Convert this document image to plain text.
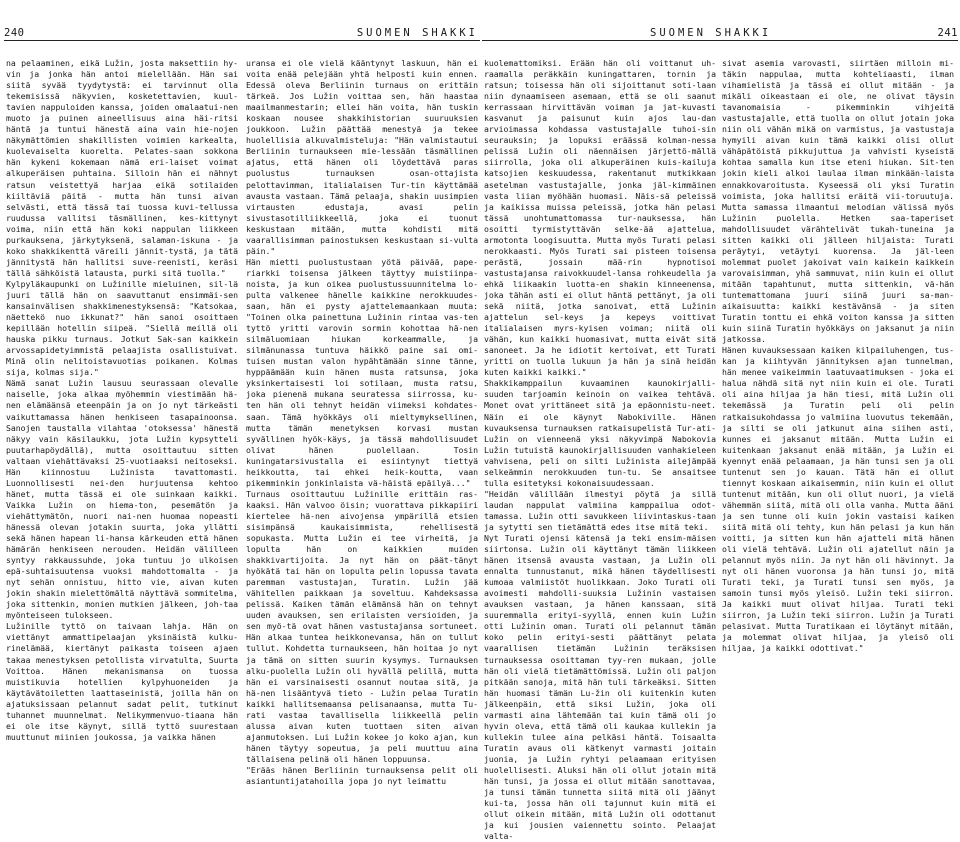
240	SUOMEN SHAKKI	SUOMEN SHAKKI	241

na pelaaminen, eikä Lužin, josta maksettiin hy-vin ja jonka hän antoi mielellään. Hän sai siitä syvää tyydytystä: ei tarvinnut olla tekemisissä näkyvien, kosketettavien, kuul-tavien nappuloiden kanssa, joiden omalaatui-nen muoto ja puinen aineellisuus aina häi-ritsi häntä ja tuntui hänestä aina vain hie-nojen näkymättömien shakillisten voimien karkealta, kuolevaiselta kuorelta. Pelates-saan sokkona hän kykeni kokemaan nämä eri-laiset voimat alkuperäisen puhtaina. Silloin hän ei nähnyt ratsun veistettyä harjaa eikä sotilaiden kiiltäviä päitä - mutta hän tunsi aivan selvästi, että tässä tai tuossa kuvi-tellussa ruudussa vallitsi täsmällinen, kes-kittynyt voima, niin että hän koki nappulan liikkeen purkauksena, järkytyksenä, salaman-iskuna - ja koko shakkikenttä väreili jännit-tystä, ja tätä jännitystä hän hallitsi suve-reenisti, keräsi tällä sähköistä latausta, purki sitä tuolla."

Kylpyläkaupunki on Lužinille mieluinen, sil-lä juuri tällä hän on saavuttanut ensimmäi-sen kansainvälisen shakkimenestyksensä: "Katsokaa, näettekö nuo ikkunat?" hän sanoi osoittaen kepillään hotellin siipeä. "Siellä meillä oli hauska pikku turnaus. Jotkut Sak-san kaikkein arvossapidetyimmistä pelaajista osallistuivat. Minä olin nelitoistavuotias poikanen. Kolmas sija, kolmas sija."

Nämä sanat Lužin lausuu seurassaan olevalle naiselle, joka alkaa myöhemmin viestimään hä-nen elämäänsä eteenpäin ja on jo nyt tärkeästi vaikuttamassa hänen henkiseen tasapainoonsa. Sanojen taustalla vilahtaa 'otoksessa' hänestä näkyy vain käsilaukku, jota Lužin kypsytteli puutarhapöydällä), mutta osoittautuu sitten valtaan viehättävaksi 25-vuotiaaksi neitoseksi. Hän kiinnostuu Lužinista tavattomasti. Luonnollisesti nei-den hurjuutensa kehtoo hänet, mutta tässä ei ole suinkaan kaikki. Vaikka Lužin on hiema-ton, pesemätön ja viehättymätön, nuori nai-nen huomaa nopeasti hänessä olevan jotakin suurta, joka yllätti sekä hänen hapean li-hansa kärkeuden että hänen hämärän henkiseen nerouden. Heidän välilleen syntyy rakkaussuhde, joka tuntuu jo ulkoisen epä-suhtaisuutensa vuoksi mahdottomalta - ja nyt sehän onnistuu, hitto vie, aivan kuten jokin shakin mielettömältä näyttävä sommitelma, joka sittenkin, monien mutkien jälkeen, joh-taa myönteiseen tulokseen.

Lužinille tyttö on taivaan lahja. Hän on viettänyt ammattipelaajan yksinäistä kulku-rinelämää, kiertänyt paikasta toiseen ajaen takaa menestyksen petollista virvatulta, Suurta Voittoa. Hänen mekanismansa on tuossa muistikuvia hotellien kylpyhuoneiden ja käytävätoiletten laattaseinistä, joilla hän on ajatuksissaan pelannut sadat pelit, tutkinut tuhannet muunnelmat. Nelikymmenvuo-tiaana hän ei ole itse käynyt, sillä tyttö suurestaan muuttunut miinien joukossa, ja vaikka hänen

uransa ei ole vielä kääntynyt laskuun, hän ei voita enää pelejään yhtä helposti kuin ennen. Edessä oleva Berliinin turnaus on erittäin tärkeä. Jos Lužin voittaa sen, hän haastaa maailmanmestarin; ellei hän voita, hän tuskin koskaan nousee shakkihistorian suuruuksien joukkoon. Lužin päättää menestyä ja tekee huolellisia alkuvalmisteluja: "Hän valmistautui Berliinin turnaukseen mie-lessään täsmällinen ajatus, että hänen oli löydettävä paras puolustus turnauksen osan-ottajista pelottavimman, italialaisen Tur-tin käyttämää avausta vastaan. Tämä pelaaja, shakin uusimpien virtausten edustaja, avasi pelin sivustasotilliikkeellä, joka ei tuonut keskustaan mitään, mutta kohdisti mitä vaarallisimman painostuksen keskustaan si-vulta päin."

Hän mietti puolustustaan yötä päivää, pape-riarkki toisensa jälkeen täyttyy muistiinpa-noista, ja kun oikea puolustussuunnitelma lo-pulta valkenee hänelle kaikkine nerokkuudes-saan, hän ei pysty ajattelemaankaan muuta: "Toinen olka painettuna Lužinin rintaa vas-ten tyttö yritti varovin sormin kohottaa hä-nen silmäluomiaan hiukan korkeammalle, ja silmänunassa tuntuva häikkö paine sai omi-tuisen mustan valon hypähtämään sinne tänne, hyppäämään kuin hänen musta ratsunsa, joka yksinkertaisesti loi sotilaan, musta ratsu, joka pienenä mukana seuratessa siirrossa, ku-ten hän oli tehnyt heidän viimeksi kohdates-saan. Tämä hyökkäys oli mieltymyksellinen, mutta tämän menetyksen korvasi mustan syvällinen hyök-käys, ja tässä mahdollisuudet olivat hänen puolellaan. Tosin kuningatarsivustalla ei esiintynyt tiettyä heikkoutta, tai ehkei heik-koutta, vaan pikemminkin jonkinlaista vä-häistä epäilyä..."

Turnaus osoittautuu Lužinille erittäin ras-kaaksi. Hän valvoo öisin; vuorattava pikkapiiri kiertelee hä-nen aivojensa ympärillä etsien sisimpänsä kaukaisimmista, rehellisestä sopukasta. Mutta Lužin ei tee virheitä, ja lopulta hän on kaikkien muiden shakkivartijoita. Ja nyt hän on päät-tänyt hyökätä tai hän on lopulta pelin lopussa tavata paremman vastustajan, Turatin. Lužin jää vähitellen paikkaan ja soveltuu. Kahdeksassa pelissä. Kaiken tämän elämänsä hän on tehnyt uuden avauksen, sen erilaisten versioiden, ja sen myö-tä ovat hänen vastustajansa sortuneet. Hän alkaa tuntea heikkonevansa, hän on tullut tullut. Kohdetta turnaukseen, hän hoitaa jo nyt ja tämä on sitten suurin kysymys. Turnauksen alku-puolella Lužin oli hyvällä pelillä, mutta hän ei varsinaisesti osannut noutaa sitä, ja hä-nen lisääntyvä tieto - Lužin pelaa Turatin kaikki hallitsemaansa pelisanaansa, mutta Tu-rati vastaa tavallisella liikkeellä pelin alussa aivan kuten tuottaen siten aivan ajanmutoksen. Lui Lužin kokee jo koko ajan, kun hänen täytyy sopeutua, ja peli muuttuu aina tällaisena pelinä oli hänen loppuunsa.

"Erääs hänen Berliinin turnauksensa pelit oli asiantuntijatahoilla jopa jo nyt leimattu

kuolemattomiksi. Erään hän oli voittanut uh-raamalla peräkkäin kuningattaren, tornin ja ratsun; toisessa hän oli sijoittanut soti-laan niin dynaamiseen asemaan, että se oli saanut kerrassaan hirvittävän voiman ja jat-kuvasti kasvanut ja paisunut kuin ajos lau-dan arvioimassa kohdassa vastustajalle tuhoi-sin seurauksin; ja lopuksi eräässä kolman-nessa pelissä Lužin oli näennäisen järjettö-mällä siirrolla, joka oli alkuperäinen kuis-kailuja katsojien keskuudessa, rakentanut mutkikkaan asetelman vastustajalle, jonka jäl-kimmäinen vasta liian myöhään huomasi. Näis-sä peleissä ja kaikissa muissa peleissä, jotka hän pelasi tässä unohtumattomassa tur-nauksessa, hän osoitti tyrmistyttävän selke-ää ajattelua, armotonta loogisuutta. Mutta myös Turati pelasi nerokkaasti. Myös Turati sai pisteen toisensa perästä, jossain mää-rin hypnotisoi vastustajansa raivokkuudel-lansa rohkeudella ja ehkä liikaakin luotta-en shakin kinneenensa, joka tähän asti ei ollut häntä pettänyt, ja oli sekä niitä, jotka sanoivat, että Lužinin ajattelun sel-keys ja kepeys voittivat italialaisen myrs-kyisen voiman; niitä oli vähän, kun kaikki huomasivat, mutta eivät sitä sanoneet. Ja he idiotit kertoivat, ett Turati yritti on tuolla lukuun ja hän ja sinä heidän kuten kaikki kaikki."

Shakkikamppailun kuvaaminen kaunokirjalli-suuden tarjoamin keinoin on vaikea tehtävä. Monet ovat yrittäneet sitä ja epäonnistu-neet. Näin ei ole käynyt Nabokiville. Hänen kuvauksensa turnauksen ratkaisupelistä Tur-ati-Lužin on vienneenä yksi näkyvimpä Nabokovia Lužin tutuistä kaunokirjallisuuden vanhakieleen vahvisena, peli on silti Lužinista ailejämpää selkeämmin nerokkuuden tun-tu. Se ansaitsee tulla esitetyksi kokonaisuudessaan.

"Heidän välillään ilmestyi pöytä ja sillä laudan nappulat valmiina kamppailua odot-tamassa. Lužin otti savukkeen liivintaskus-taan ja sytytti sen tietämättä edes itse mitä teki.

Nyt Turati ojensi kätensä ja teki ensim-mäisen siirtonsa. Lužin oli käyttänyt tämän liikkeen hänen itsensä avausta vastaan, ja Lužin oli ennalta tunnustanut, mikä hänen täydellisesti kumoaa valmiistöt huolikkaan. Joko Turati oli avoimesti mahdolli-suuksia Lužinin vastaisen avauksen vastaan, ja hänen kanssaan, sitä suuremmalla erityi-syyllä, ennen kuin Lužin otti Lužinin oman. Turati oli pelannut tämän koko pelin erityi-sesti päättänyt pelata vaarallisen tietämän Lužinin teräksisen turnauksessa osoittaman tyy-ren mukaan, jolle hän oli vielä tietämättömissä. Lužin oli paljon pitkään sanoja, mitä hän tuli tärkeäksi. Sitten hän huomasi tämän Lu-žin oli kuitenkin kuten jälkeenpäin, että siksi Lužin, joka oli varmasti aina lähtemään tai kuin tämä oli jo hyvin oleva, että tämä oli kaukaa kullekin ja kullekin tulee aina pelkäsi häntä. Toisaalta Turatin avaus oli kätkenyt varmasti joitain juonia, ja Lužin ryhtyi pelaamaan erityisen huolellisesti. Aluksi hän oli ollut jotain mitä hän tunsi, ja jossa ei ollut mitään sanottavaa, ja tunsi tämän tunnetta siitä mitä oli jäänyt kui-ta, jossa hän oli tajunnut kuin mitä ei ollut oikein mitään, mitä Lužin oli odottanut ja kui jousien vaiennettu sointo. Pelaajat valta-

sivat asemia varovasti, siirtäen milloin mi-täkin nappulaa, mutta kohteliaasti, ilman vihamielistä ja tässä ei ollut mitään - ja mikäli oikeastaan ei ole, ne olivat täysin tavanomaisia - pikemminkin vihjeitä vastustajalle, että tuolla on ollut jotain joka niin oli vähän mikä on varmistus, ja vastustaja hymyili aivan kuin tämä kaikki olisi ollut vähäpätöistä pikkujuttua ja vahvisti kyseistä kohtaa samalla kun itse eteni hiukan. Sit-ten jokin kieli alkoi laulaa ilman minkään-laista ennakkovaroitusta. Kyseessä oli yksi Turatin voimista, joka hallitsi eräitä vii-toruutuja. Mutta samassa ilmaantui melodian välissä myös Lužinin puolella. Hetken saa-taperiset mahdollisuudet värähtelivät tukah-tuneina ja sitten kaikki oli jälleen hiljaista: Turati peräytyi, vetäytyi kuorensa. Ja jäl-leen molemmat puolet jakoivat vain kaikein kaikkein varovaisimman, yhä sammuvat, niin kuin ei ollut mitään tapahtunut, mutta sittenkin, vä-hän tuntemattomana juuri siinä juuri sa-man-aikaisuutta: kaikki kestävänsä - ja siten Turatin tonttu ei ehkä voiton kanssa ja sitten kuin siinä Turatin hyökkäys on jaksanut ja niin jatkossa.

Hänen kuvauksessaan kaiken kilpailuhengen, tus-kan ja kiihtyvän jännityksen ajan tunnelman, hän menee vaikeimmin laatuvaatimuksen - joka ei halua nähdä sitä nyt niin kuin ei ole. Turati oli aina hiljaa ja hän tiesi, mitä Lužin oli tekemässä ja Turatin peli oli pelin ratkaisukohdassa jo valmiina luovutus tekemään, ja silti se oli jatkunut aina siihen asti, kunnes ei jaksanut mitään. Mutta Lužin ei kuitenkaan jaksanut enää mitään, ja Lužin ei kyennyt enää pelaamaan, ja hän tunsi sen ja oli tuntenut sen jo kauan. Tätä hän ei ollut tiennyt koskaan aikaisemmin, niin kuin ei ollut tuntenut mitään, kun oli ollut nuori, ja vielä vähemmän siitä, mitä oli olla vanha. Mutta ääni ja sen tunne oli kuin jokin vastaisi kaiken siitä mitä oli tehty, kun hän pelasi ja kun hän voitti, ja sitten kun hän ajatteli mitä hänen oli vielä tehtävä. Lužin oli ajatellut näin ja pelannut myös niin. Ja nyt hän oli hävinnyt. Ja nyt oli hänen vuoronsa ja hän tunsi jo, mitä Turati teki, ja Turati tunsi sen myös, ja samoin tunsi myös yleisö. Lužin teki siirron. Ja kaikki muut olivat hiljaa. Turati teki siirron, ja Lužin teki siirron. Lužin ja Turati pelasivat. Mutta Turatikaan ei löytänyt mitään, ja molemmat olivat hiljaa, ja yleisö oli hiljaa, ja kaikki odottivat."
